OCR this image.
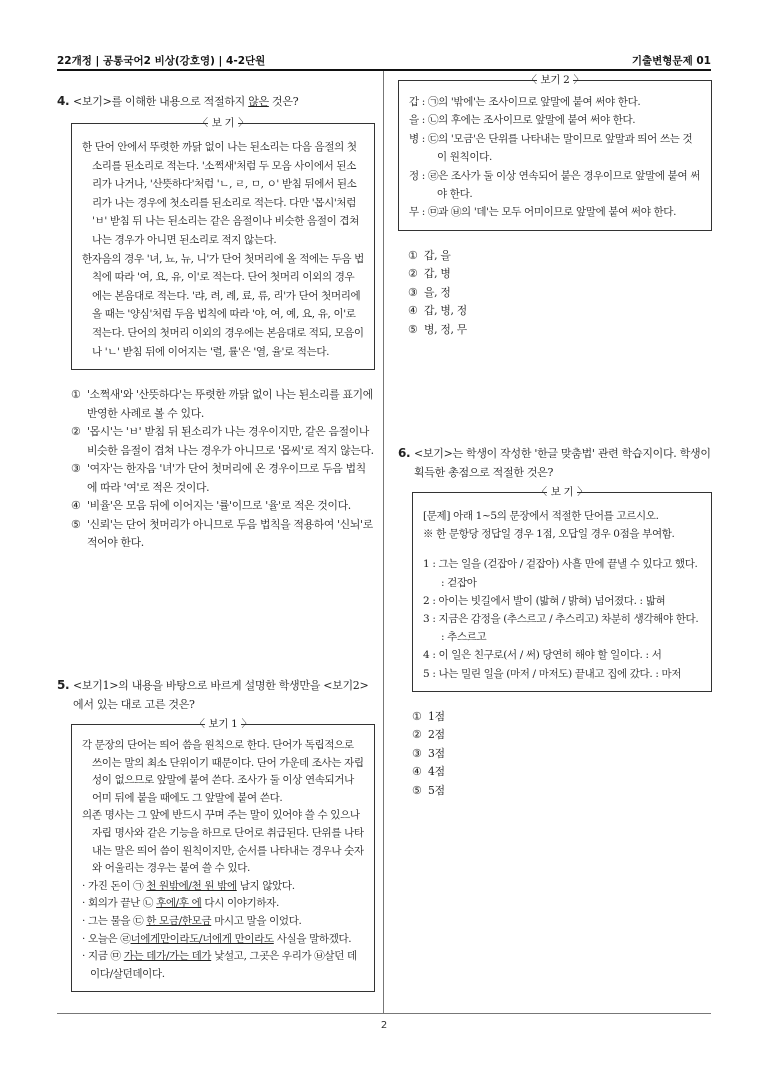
22개정 | 공통국어2 비상(강호영) | 4-2단원	기출변형문제 01
4. <보기>를 이해한 내용으로 적절하지 않은 것은?
〈 보 기 〉
한 단어 안에서 뚜렷한 까닭 없이 나는 된소리는 다음 음절의 첫소리를 된소리로 적는다. '소쩍새'처럼 두 모음 사이에서 된소리가 나거나, '산뜻하다'처럼 'ㄴ, ㄹ, ㅁ, ㅇ' 받침 뒤에서 된소리가 나는 경우에 첫소리를 된소리로 적는다. 다만 '몹시'처럼 'ㅂ' 받침 뒤 나는 된소리는 같은 음절이나 비슷한 음절이 겹쳐 나는 경우가 아니면 된소리로 적지 않는다.
한자음의 경우 '녀, 뇨, 뉴, 니'가 단어 첫머리에 올 적에는 두음 법칙에 따라 '여, 요, 유, 이'로 적는다. 단어 첫머리 이외의 경우에는 본음대로 적는다. '랴, 려, 례, 료, 류, 리'가 단어 첫머리에 올 때는 '양심'처럼 두음 법칙에 따라 '야, 여, 예, 요, 유, 이'로 적는다. 단어의 첫머리 이외의 경우에는 본음대로 적되, 모음이나 'ㄴ' 받침 뒤에 이어지는 '렬, 률'은 '열, 율'로 적는다.
① '소쩍새'와 '산뜻하다'는 뚜렷한 까닭 없이 나는 된소리를 표기에 반영한 사례로 볼 수 있다.
② '몹시'는 'ㅂ' 받침 뒤 된소리가 나는 경우이지만, 같은 음절이나 비슷한 음절이 겹쳐 나는 경우가 아니므로 '몹씨'로 적지 않는다.
③ '여자'는 한자음 '녀'가 단어 첫머리에 온 경우이므로 두음 법칙에 따라 '여'로 적은 것이다.
④ '비율'은 모음 뒤에 이어지는 '률'이므로 '율'로 적은 것이다.
⑤ '신뢰'는 단어 첫머리가 아니므로 두음 법칙을 적용하여 '신뇌'로 적어야 한다.
5. <보기1>의 내용을 바탕으로 바르게 설명한 학생만을 <보기2>에서 있는 대로 고른 것은?
〈 보기 1 〉
각 문장의 단어는 띄어 씀을 원칙으로 한다. 단어가 독립적으로 쓰이는 말의 최소 단위이기 때문이다. 단어 가운데 조사는 자립성이 없으므로 앞말에 붙여 쓴다. 조사가 둘 이상 연속되거나 어미 뒤에 붙을 때에도 그 앞말에 붙여 쓴다.
의존 명사는 그 앞에 반드시 꾸며 주는 말이 있어야 쓸 수 있으나 자립 명사와 같은 기능을 하므로 단어로 취급된다. 단위를 나타내는 말은 띄어 씀이 원칙이지만, 순서를 나타내는 경우나 숫자와 어울리는 경우는 붙여 쓸 수 있다.
· 가진 돈이 ㉠ 천 원밖에/천 원 밖에 남지 않았다.
· 회의가 끝난 ㉡ 후에/후 에 다시 이야기하자.
· 그는 물을 ㉢ 한 모금/한모금 마시고 말을 이었다.
· 오늘은 ㉣너에게만이라도/너에게 만이라도 사실을 말하겠다.
· 지금 ㉤ 가는 데가/가는 데가 낯설고, 그곳은 우리가 ㉥살던 데이다/살던데이다.
〈 보기 2 〉
갑 : ㉠의 '밖에'는 조사이므로 앞말에 붙여 써야 한다.
을 : ㉡의 후에는 조사이므로 앞말에 붙여 써야 한다.
병 : ㉢의 '모금'은 단위를 나타내는 말이므로 앞말과 띄어 쓰는 것이 원칙이다.
정 : ㉣은 조사가 둘 이상 연속되어 붙은 경우이므로 앞말에 붙여 써야 한다.
무 : ㉤과 ㉥의 '데'는 모두 어미이므로 앞말에 붙여 써야 한다.
① 갑, 을
② 갑, 병
③ 을, 정
④ 갑, 병, 정
⑤ 병, 정, 무
6. <보기>는 학생이 작성한 '한글 맞춤법' 관련 학습지이다. 학생이 획득한 총점으로 적절한 것은?
〈 보 기 〉
[문제] 아래 1~5의 문장에서 적절한 단어를 고르시오.
※ 한 문항당 정답일 경우 1점, 오답일 경우 0점을 부여함.
1 : 그는 일을 (걷잡아 / 겉잡아) 사흘 만에 끝낼 수 있다고 했다. : 걷잡아
2 : 아이는 빗길에서 발이 (밟혀 / 밝혀) 넘어졌다. : 밟혀
3 : 지금은 감정을 (추스르고 / 추스리고) 차분히 생각해야 한다. : 추스르고
4 : 이 일은 친구로(서 / 써) 당연히 해야 할 일이다. : 서
5 : 나는 밀린 일을 (마저 / 마저도) 끝내고 집에 갔다. : 마저
① 1점
② 2점
③ 3점
④ 4점
⑤ 5점
2
